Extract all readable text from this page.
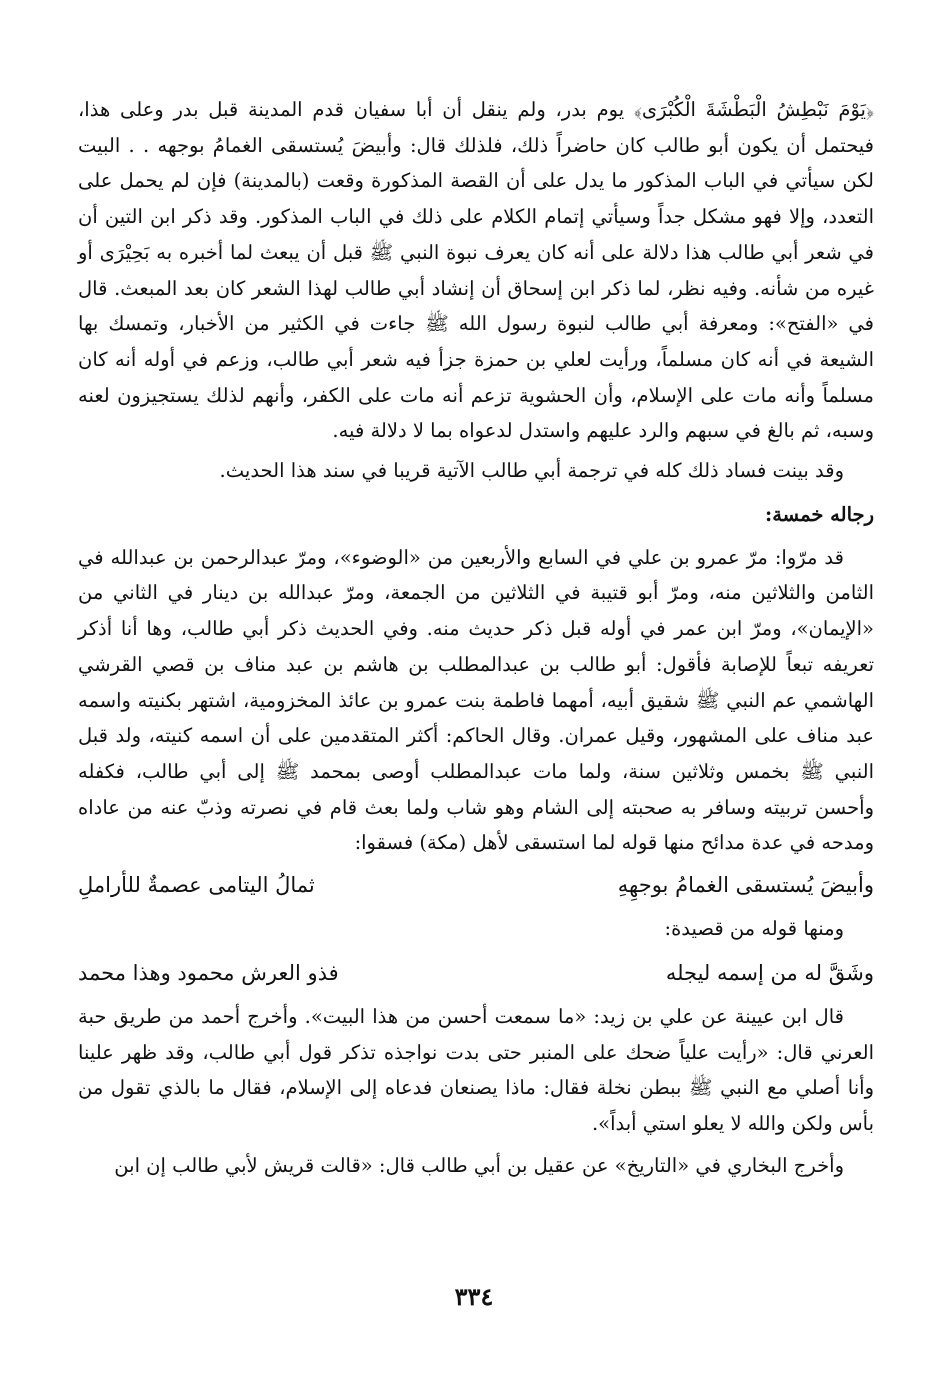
﴿يَوْمَ نَبْطِشُ الْبَطْشَةَ الْكُبْرَى﴾ يوم بدر، ولم ينقل أن أبا سفيان قدم المدينة قبل بدر وعلى هذا، فيحتمل أن يكون أبو طالب كان حاضراً ذلك، فلذلك قال: وأبيضَ يُستسقى الغمامُ بوجهه . . البيت لكن سيأتي في الباب المذكور ما يدل على أن القصة المذكورة وقعت (بالمدينة) فإن لم يحمل على التعدد، وإلا فهو مشكل جداً وسيأتي إتمام الكلام على ذلك في الباب المذكور. وقد ذكر ابن التين أن في شعر أبي طالب هذا دلالة على أنه كان يعرف نبوة النبي ﷺ قبل أن يبعث لما أخبره به بَحِيْرَى أو غيره من شأنه. وفيه نظر، لما ذكر ابن إسحاق أن إنشاد أبي طالب لهذا الشعر كان بعد المبعث. قال في «الفتح»: ومعرفة أبي طالب لنبوة رسول الله ﷺ جاءت في الكثير من الأخبار، وتمسك بها الشيعة في أنه كان مسلماً، ورأيت لعلي بن حمزة جزأ فيه شعر أبي طالب، وزعم في أوله أنه كان مسلماً وأنه مات على الإسلام، وأن الحشوية تزعم أنه مات على الكفر، وأنهم لذلك يستجيزون لعنه وسبه، ثم بالغ في سبهم والرد عليهم واستدل لدعواه بما لا دلالة فيه.

وقد بينت فساد ذلك كله في ترجمة أبي طالب الآتية قريبا في سند هذا الحديث.

رجاله خمسة:

قد مرّوا: مرّ عمرو بن علي في السابع والأربعين من «الوضوء»، ومرّ عبدالرحمن بن عبدالله في الثامن والثلاثين منه، ومرّ أبو قتيبة في الثلاثين من الجمعة، ومرّ عبدالله بن دينار في الثاني من «الإيمان»، ومرّ ابن عمر في أوله قبل ذكر حديث منه. وفي الحديث ذكر أبي طالب، وها أنا أذكر تعريفه تبعاً للإصابة فأقول: أبو طالب بن عبدالمطلب بن هاشم بن عبد مناف بن قصي القرشي الهاشمي عم النبي ﷺ شقيق أبيه، أمهما فاطمة بنت عمرو بن عائذ المخزومية، اشتهر بكنيته واسمه عبد مناف على المشهور، وقيل عمران. وقال الحاكم: أكثر المتقدمين على أن اسمه كنيته، ولد قبل النبي ﷺ بخمس وثلاثين سنة، ولما مات عبدالمطلب أوصى بمحمد ﷺ إلى أبي طالب، فكفله وأحسن تربيته وسافر به صحبته إلى الشام وهو شاب ولما بعث قام في نصرته وذبّ عنه من عاداه ومدحه في عدة مدائح منها قوله لما استسقى لأهل (مكة) فسقوا:

وأبيضَ يُستسقى الغمامُ بوجهِهِ
ثمالُ اليتامى عصمةٌ للأراملِ

ومنها قوله من قصيدة:

وشَقَّ له من إسمه ليجله
فذو العرش محمود وهذا محمد

قال ابن عيينة عن علي بن زيد: «ما سمعت أحسن من هذا البيت». وأخرج أحمد من طريق حبة العرني قال: «رأيت علياً ضحك على المنبر حتى بدت نواجذه تذكر قول أبي طالب، وقد ظهر علينا وأنا أصلي مع النبي ﷺ ببطن نخلة فقال: ماذا يصنعان فدعاه إلى الإسلام، فقال ما بالذي تقول من بأس ولكن والله لا يعلو استي أبداً».

وأخرج البخاري في «التاريخ» عن عقيل بن أبي طالب قال: «قالت قريش لأبي طالب إن ابن

٣٣٤
